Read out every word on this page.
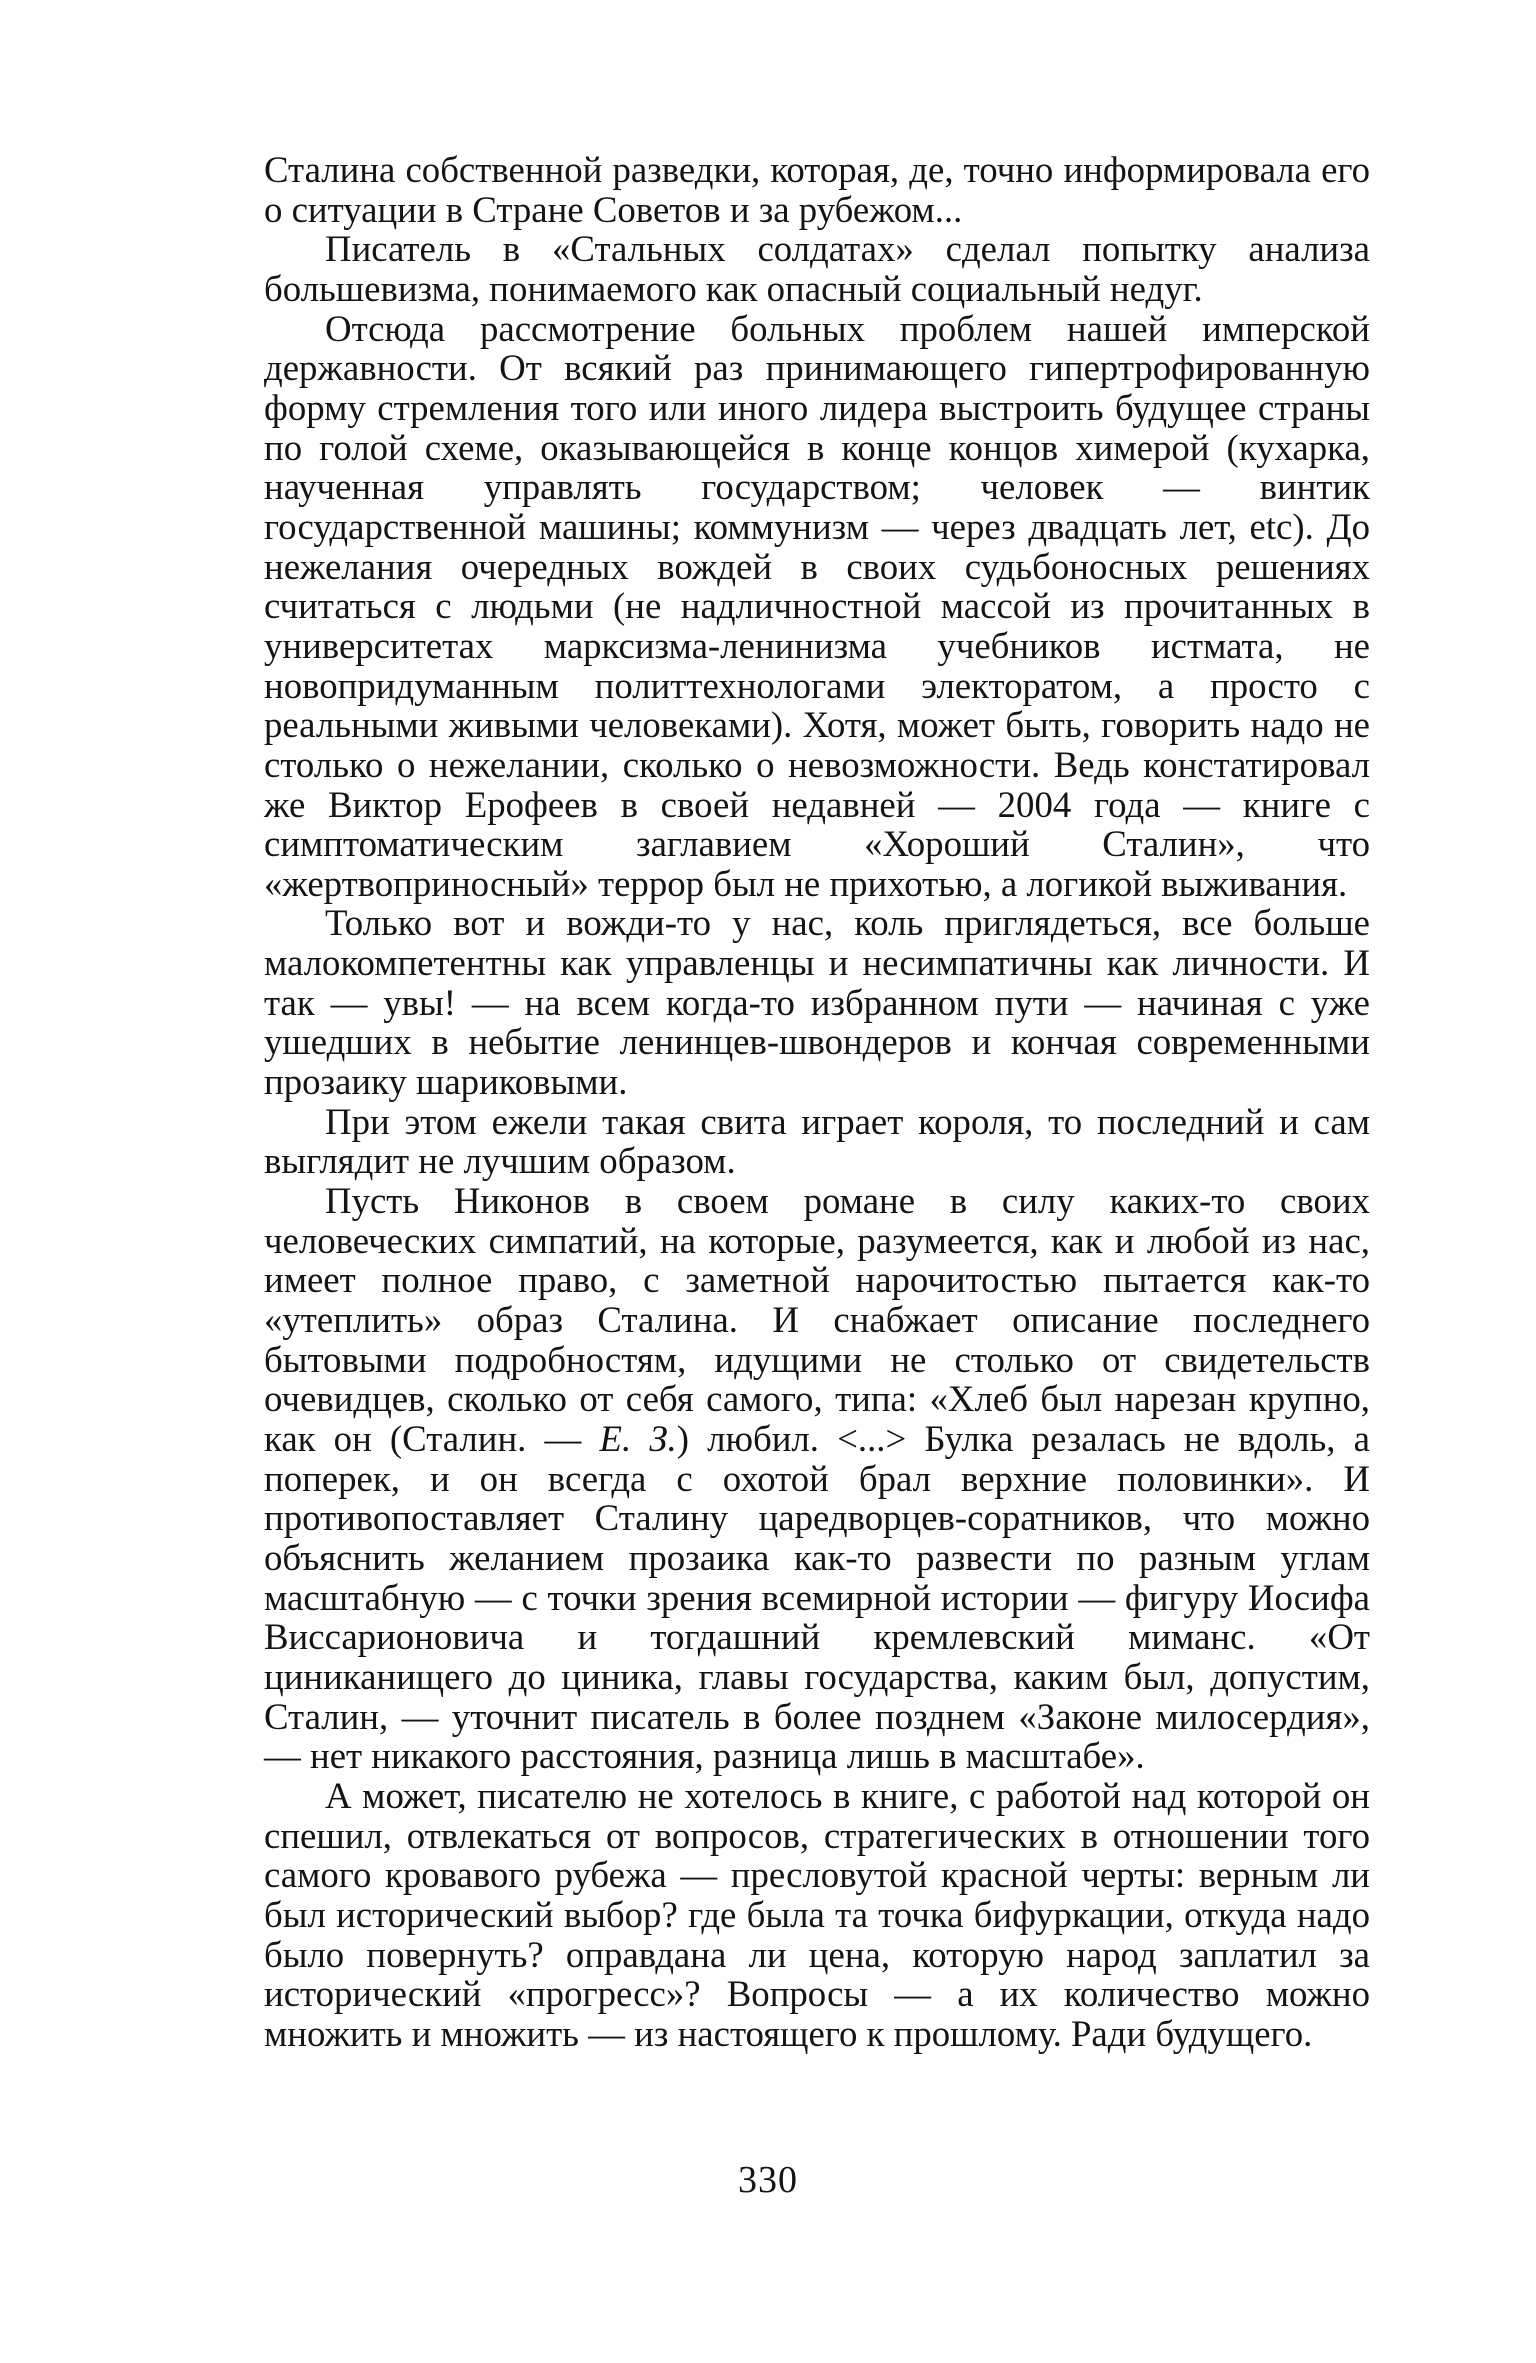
Сталина собственной разведки, которая, де, точно информировала его о ситуации в Стране Советов и за рубежом...

Писатель в «Стальных солдатах» сделал попытку анализа большевизма, понимаемого как опасный социальный недуг.

Отсюда рассмотрение больных проблем нашей имперской державности. От всякий раз принимающего гипертрофированную форму стремления того или иного лидера выстроить будущее страны по голой схеме, оказывающейся в конце концов химерой (кухарка, наученная управлять государством; человек — винтик государственной машины; коммунизм — через двадцать лет, etc). До нежелания очередных вождей в своих судьбоносных решениях считаться с людьми (не надличностной массой из прочитанных в университетах марксизма-ленинизма учебников истмата, не новопридуманным политтехнологами электоратом, а просто с реальными живыми человеками). Хотя, может быть, говорить надо не столько о нежелании, сколько о невозможности. Ведь констатировал же Виктор Ерофеев в своей недавней — 2004 года — книге с симптоматическим заглавием «Хороший Сталин», что «жертвоприносный» террор был не прихотью, а логикой выживания.

Только вот и вожди-то у нас, коль приглядеться, все больше малокомпетентны как управленцы и несимпатичны как личности. И так — увы! — на всем когда-то избранном пути — начиная с уже ушедших в небытие ленинцев-швондеров и кончая современными прозаику шариковыми.

При этом ежели такая свита играет короля, то последний и сам выглядит не лучшим образом.

Пусть Никонов в своем романе в силу каких-то своих человеческих симпатий, на которые, разумеется, как и любой из нас, имеет полное право, с заметной нарочитостью пытается как-то «утеплить» образ Сталина. И снабжает описание последнего бытовыми подробностям, идущими не столько от свидетельств очевидцев, сколько от себя самого, типа: «Хлеб был нарезан крупно, как он (Сталин. — Е. З.) любил. <...> Булка резалась не вдоль, а поперек, и он всегда с охотой брал верхние половинки». И противопоставляет Сталину царедворцев-соратников, что можно объяснить желанием прозаика как-то развести по разным углам масштабную — с точки зрения всемирной истории — фигуру Иосифа Виссарионовича и тогдашний кремлевский миманс. «От циниканищего до циника, главы государства, каким был, допустим, Сталин, — уточнит писатель в более позднем «Законе милосердия», — нет никакого расстояния, разница лишь в масштабе».

А может, писателю не хотелось в книге, с работой над которой он спешил, отвлекаться от вопросов, стратегических в отношении того самого кровавого рубежа — пресловутой красной черты: верным ли был исторический выбор? где была та точка бифуркации, откуда надо было повернуть? оправдана ли цена, которую народ заплатил за исторический «прогресс»? Вопросы — а их количество можно множить и множить — из настоящего к прошлому. Ради будущего.

330
